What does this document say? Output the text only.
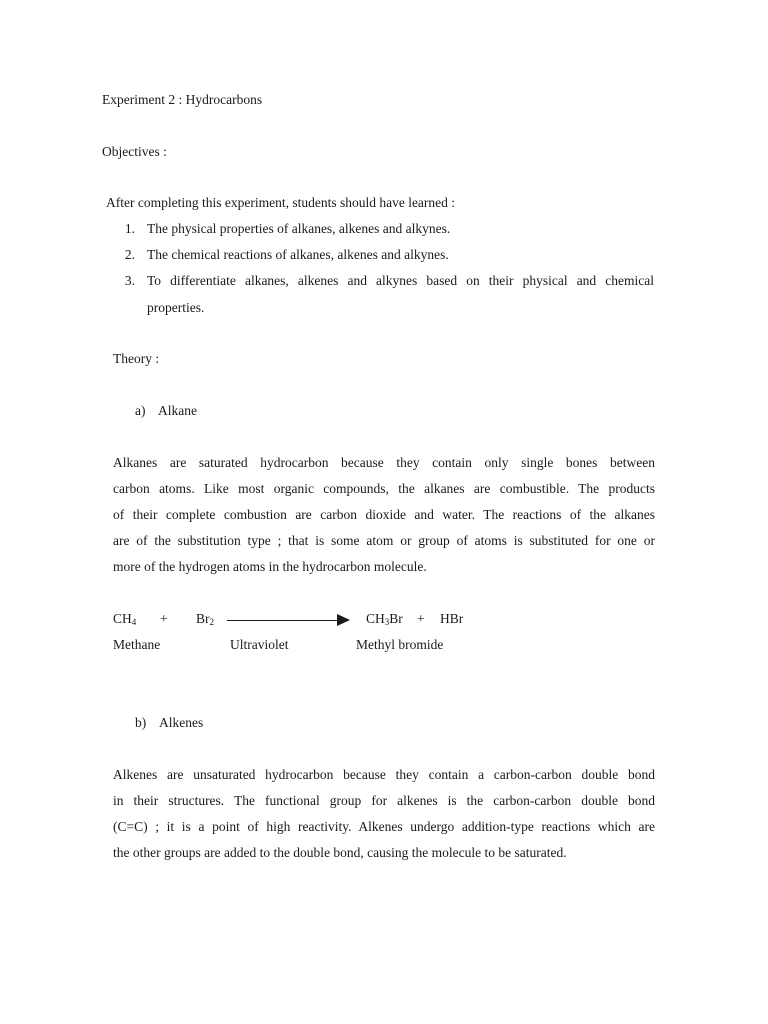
Experiment 2 : Hydrocarbons
Objectives :
After completing this experiment, students should have learned :
1. The physical properties of alkanes, alkenes and alkynes.
2. The chemical reactions of alkanes, alkenes and alkynes.
3. To differentiate alkanes, alkenes and alkynes based on their physical and chemical
properties.
Theory :
a) Alkane
Alkanes are saturated hydrocarbon because they contain only single bones between
carbon atoms. Like most organic compounds, the alkanes are combustible. The products
of their complete combustion are carbon dioxide and water. The reactions of the alkanes
are of the substitution type ; that is some atom or group of atoms is substituted for one or
more of the hydrogen atoms in the hydrocarbon molecule.
$CH_4 + Br_2$	$CH_3Br$ + HBr
Methane	Ultraviolet	Methyl bromide
b) Alkenes
Alkenes are unsaturated hydrocarbon because they contain a carbon-carbon double bond
in their structures. The functional group for alkenes is the carbon-carbon double bond
(C=C) ; it is a point of high reactivity. Alkenes undergo addition-type reactions which are
the other groups are added to the double bond, causing the molecule to be saturated.
